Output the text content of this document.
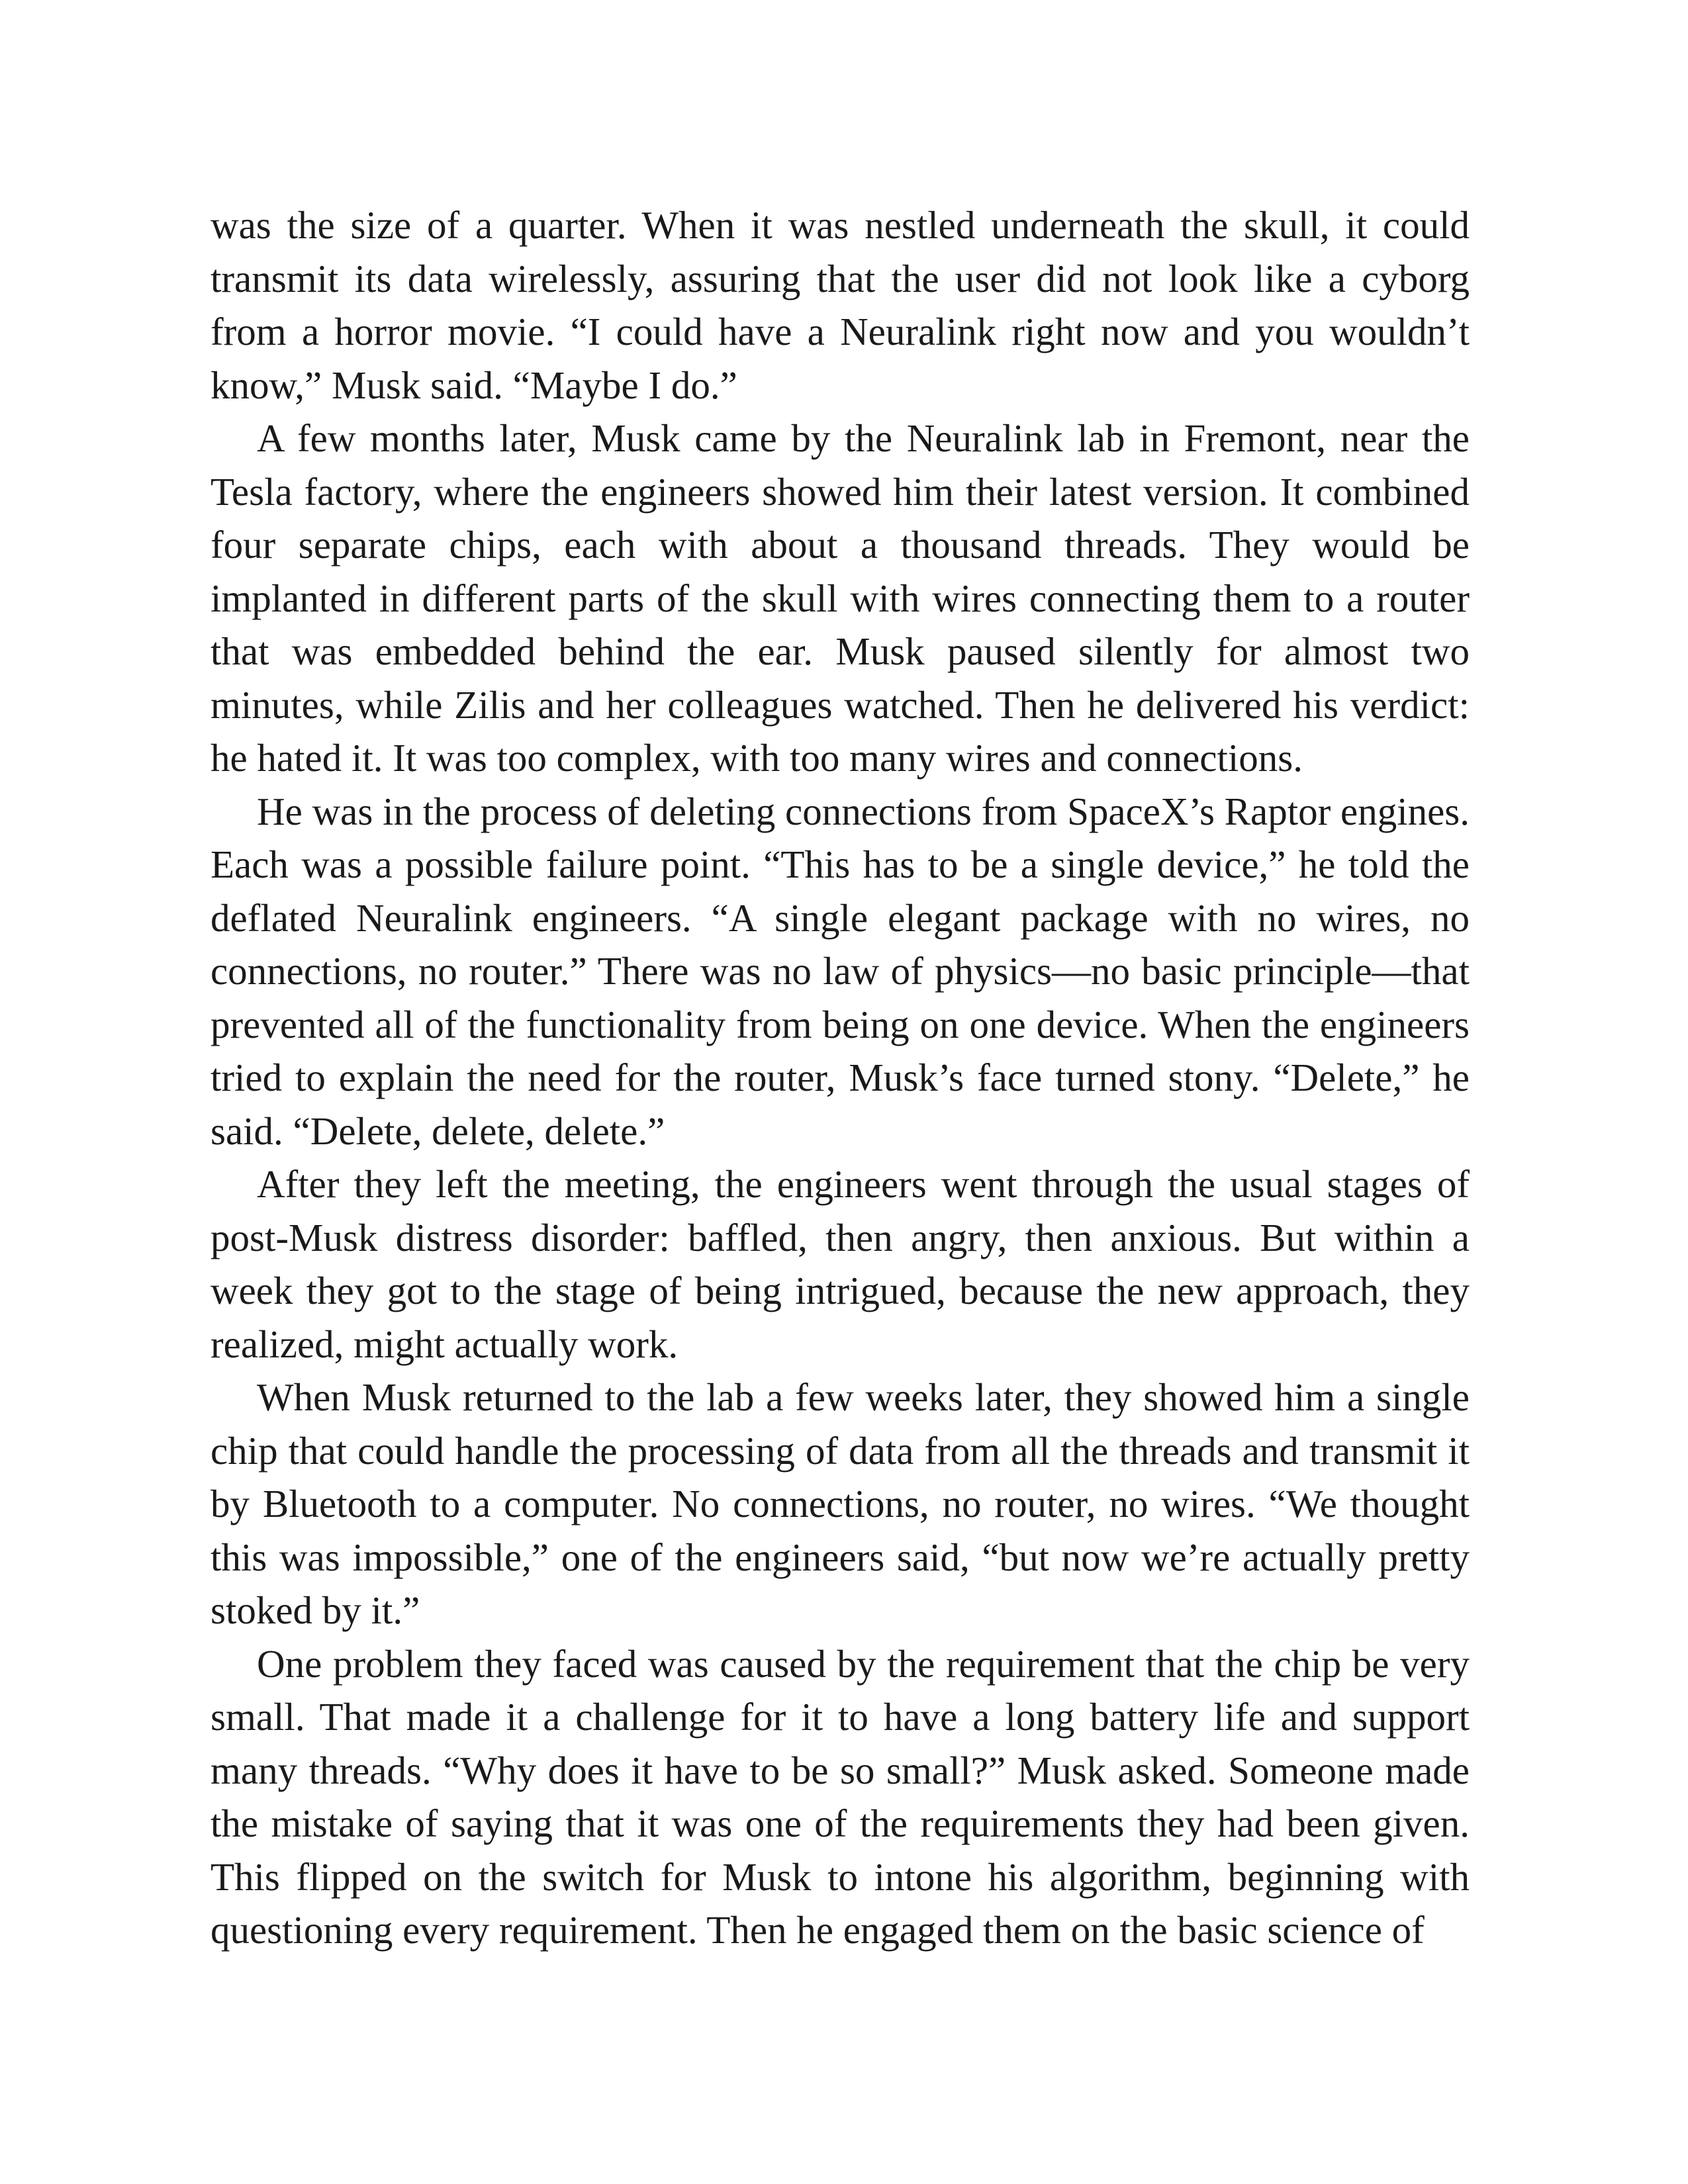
was the size of a quarter. When it was nestled underneath the skull, it could transmit its data wirelessly, assuring that the user did not look like a cyborg from a horror movie. “I could have a Neuralink right now and you wouldn’t know,” Musk said. “Maybe I do.”

A few months later, Musk came by the Neuralink lab in Fremont, near the Tesla factory, where the engineers showed him their latest version. It combined four separate chips, each with about a thousand threads. They would be implanted in different parts of the skull with wires connecting them to a router that was embedded behind the ear. Musk paused silently for almost two minutes, while Zilis and her colleagues watched. Then he delivered his verdict: he hated it. It was too complex, with too many wires and connections.

He was in the process of deleting connections from SpaceX’s Raptor engines. Each was a possible failure point. “This has to be a single device,” he told the deflated Neuralink engineers. “A single elegant package with no wires, no connections, no router.” There was no law of physics—no basic principle—that prevented all of the functionality from being on one device. When the engineers tried to explain the need for the router, Musk’s face turned stony. “Delete,” he said. “Delete, delete, delete.”

After they left the meeting, the engineers went through the usual stages of post-Musk distress disorder: baffled, then angry, then anxious. But within a week they got to the stage of being intrigued, because the new approach, they realized, might actually work.

When Musk returned to the lab a few weeks later, they showed him a single chip that could handle the processing of data from all the threads and transmit it by Bluetooth to a computer. No connections, no router, no wires. “We thought this was impossible,” one of the engineers said, “but now we’re actually pretty stoked by it.”

One problem they faced was caused by the requirement that the chip be very small. That made it a challenge for it to have a long battery life and support many threads. “Why does it have to be so small?” Musk asked. Someone made the mistake of saying that it was one of the requirements they had been given. This flipped on the switch for Musk to intone his algorithm, beginning with questioning every requirement. Then he engaged them on the basic science of
